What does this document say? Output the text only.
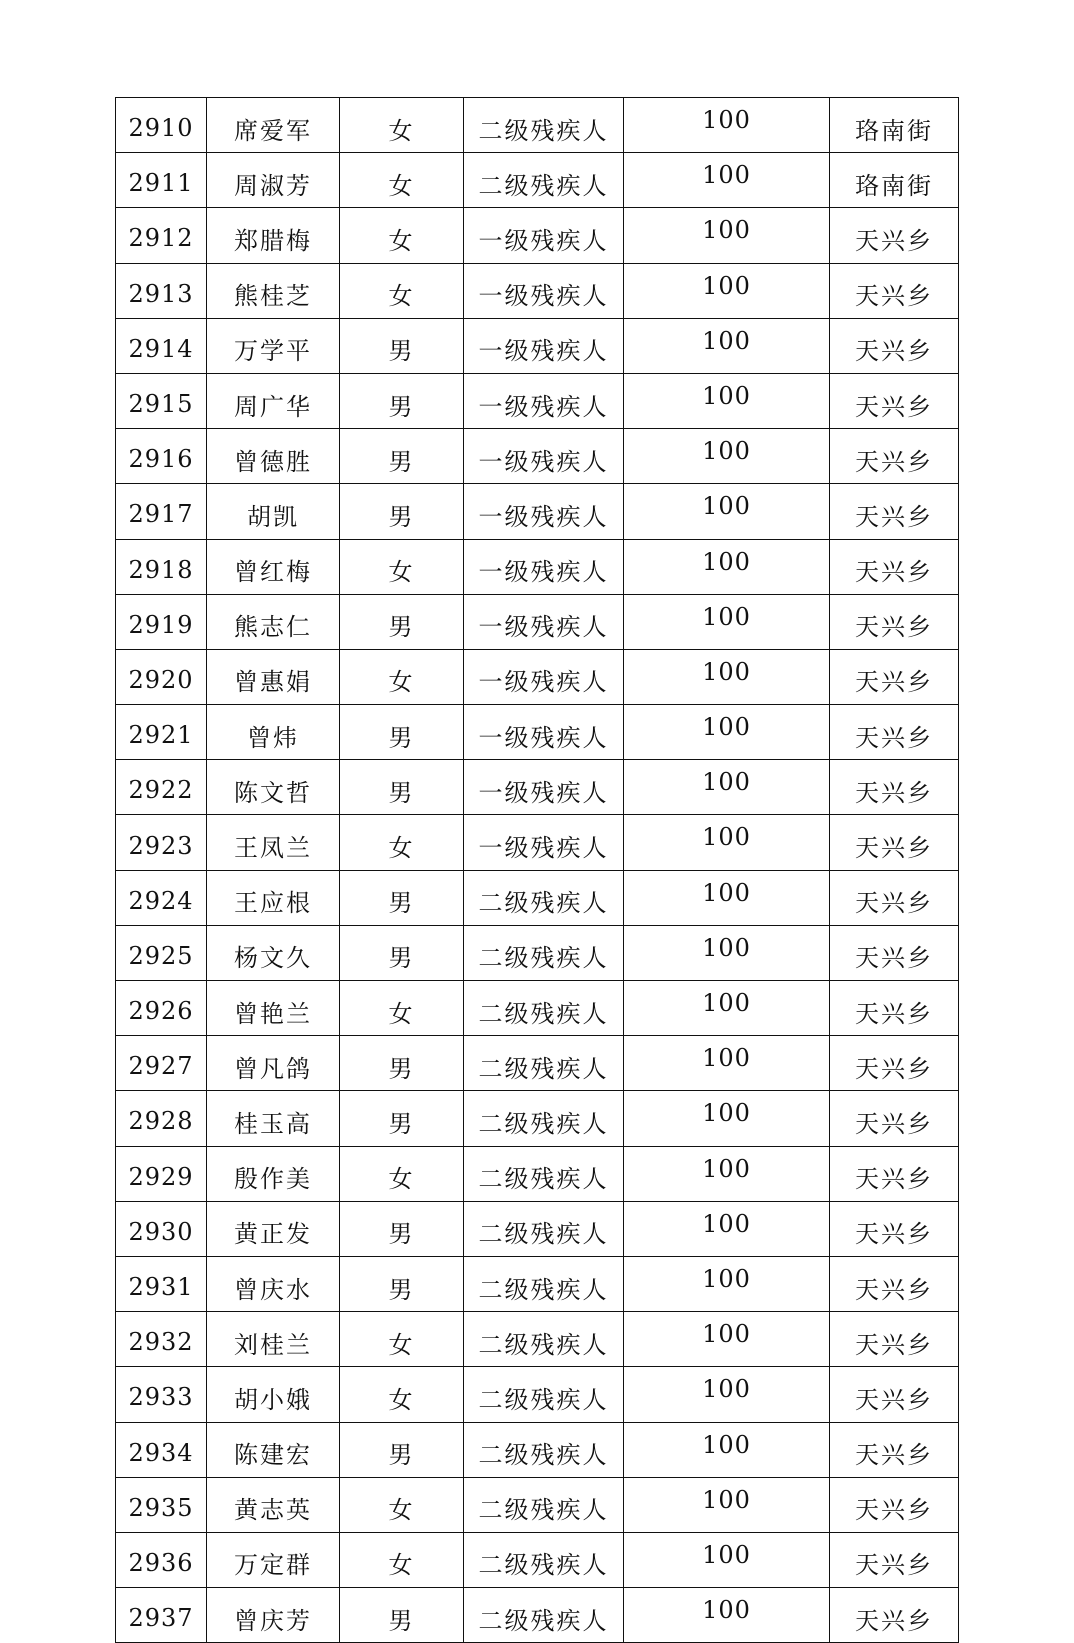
2910	席爱军	女	二级残疾人	100	珞南街
2911	周淑芳	女	二级残疾人	100	珞南街
2912	郑腊梅	女	一级残疾人	100	天兴乡
2913	熊桂芝	女	一级残疾人	100	天兴乡
2914	万学平	男	一级残疾人	100	天兴乡
2915	周广华	男	一级残疾人	100	天兴乡
2916	曾德胜	男	一级残疾人	100	天兴乡
2917	胡凯	男	一级残疾人	100	天兴乡
2918	曾红梅	女	一级残疾人	100	天兴乡
2919	熊志仁	男	一级残疾人	100	天兴乡
2920	曾惠娟	女	一级残疾人	100	天兴乡
2921	曾炜	男	一级残疾人	100	天兴乡
2922	陈文哲	男	一级残疾人	100	天兴乡
2923	王凤兰	女	一级残疾人	100	天兴乡
2924	王应根	男	二级残疾人	100	天兴乡
2925	杨文久	男	二级残疾人	100	天兴乡
2926	曾艳兰	女	二级残疾人	100	天兴乡
2927	曾凡鸽	男	二级残疾人	100	天兴乡
2928	桂玉高	男	二级残疾人	100	天兴乡
2929	殷作美	女	二级残疾人	100	天兴乡
2930	黄正发	男	二级残疾人	100	天兴乡
2931	曾庆水	男	二级残疾人	100	天兴乡
2932	刘桂兰	女	二级残疾人	100	天兴乡
2933	胡小娥	女	二级残疾人	100	天兴乡
2934	陈建宏	男	二级残疾人	100	天兴乡
2935	黄志英	女	二级残疾人	100	天兴乡
2936	万定群	女	二级残疾人	100	天兴乡
2937	曾庆芳	男	二级残疾人	100	天兴乡
